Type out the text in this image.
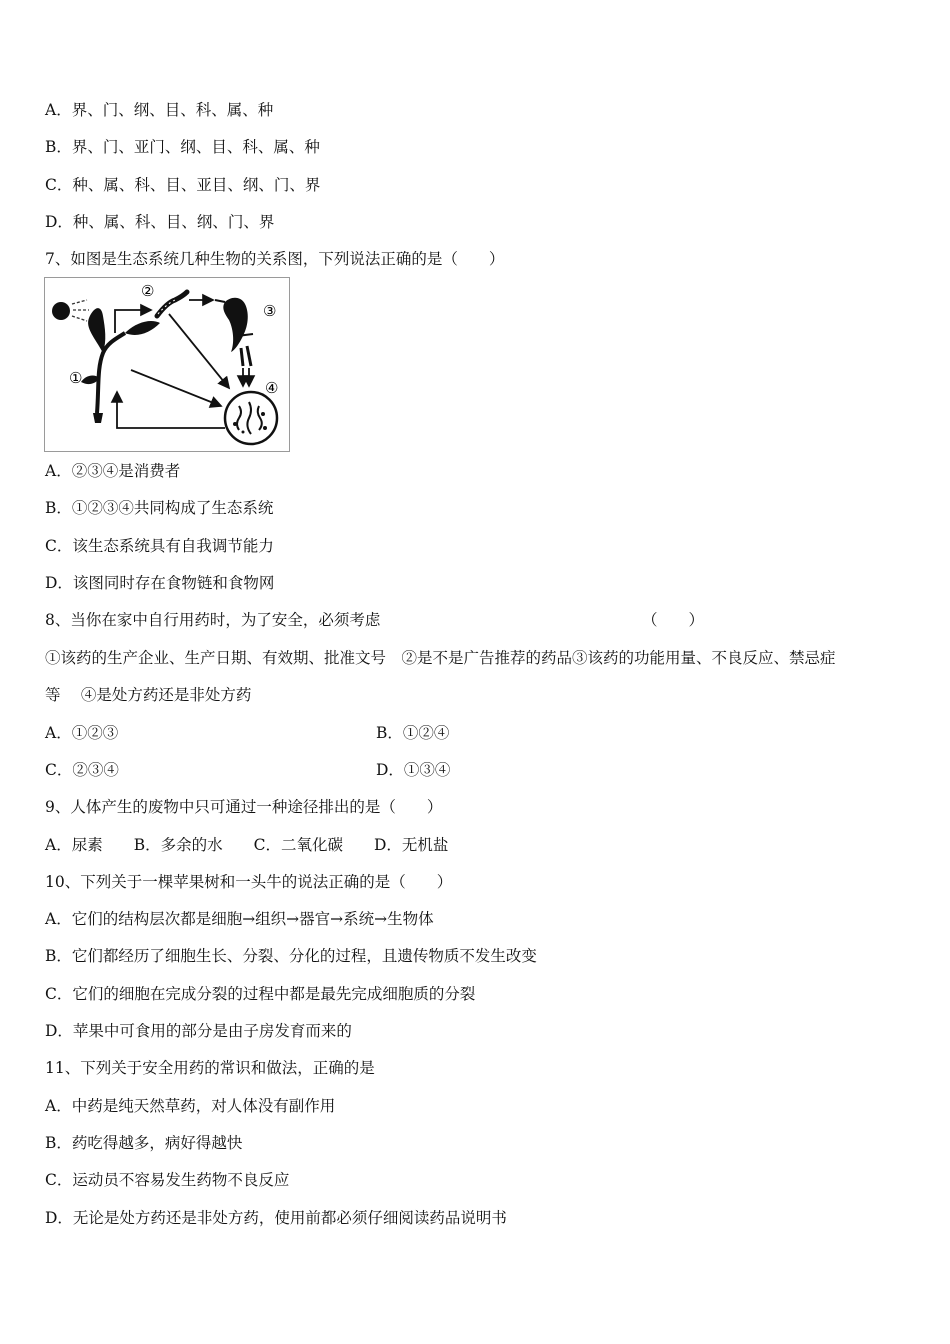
A．界、门、纲、目、科、属、种
B．界、门、亚门、纲、目、科、属、种
C．种、属、科、目、亚目、纲、门、界
D．种、属、科、目、纲、门、界
7、如图是生态系统几种生物的关系图，下列说法正确的是（　　）
①
②
③
④
A．②③④是消费者
B．①②③④共同构成了生态系统
C．该生态系统具有自我调节能力
D．该图同时存在食物链和食物网
8、当你在家中自行用药时，为了安全，必须考虑	（　　）
①该药的生产企业、生产日期、有效期、批准文号　②是不是广告推荐的药品③该药的功能用量、不良反应、禁忌症
等　 ④是处方药还是非处方药
A．①②③	B．①②④
C．②③④	D．①③④
9、人体产生的废物中只可通过一种途径排出的是（　　）
A．尿素　　B．多余的水　　C．二氧化碳　　D．无机盐
10、下列关于一棵苹果树和一头牛的说法正确的是（　　）
A．它们的结构层次都是细胞→组织→器官→系统→生物体
B．它们都经历了细胞生长、分裂、分化的过程，且遗传物质不发生改变
C．它们的细胞在完成分裂的过程中都是最先完成细胞质的分裂
D．苹果中可食用的部分是由子房发育而来的
11、下列关于安全用药的常识和做法，正确的是
A．中药是纯天然草药，对人体没有副作用
B．药吃得越多，病好得越快
C．运动员不容易发生药物不良反应
D．无论是处方药还是非处方药，使用前都必须仔细阅读药品说明书
